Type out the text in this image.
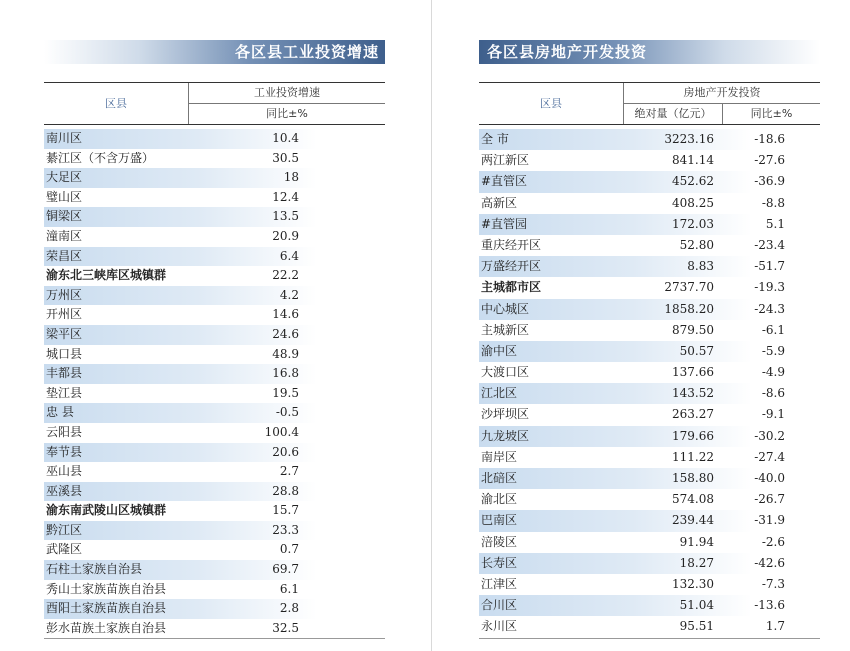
各区县工业投资增速
区县
工业投资增速
同比±%
南川区	10.4
綦江区（不含万盛）	30.5
大足区	18
璧山区	12.4
铜梁区	13.5
潼南区	20.9
荣昌区	6.4
渝东北三峡库区城镇群	22.2
万州区	4.2
开州区	14.6
梁平区	24.6
城口县	48.9
丰都县	16.8
垫江县	19.5
忠 县	-0.5
云阳县	100.4
奉节县	20.6
巫山县	2.7
巫溪县	28.8
渝东南武陵山区城镇群	15.7
黔江区	23.3
武隆区	0.7
石柱土家族自治县	69.7
秀山土家族苗族自治县	6.1
酉阳土家族苗族自治县	2.8
彭水苗族土家族自治县	32.5
各区县房地产开发投资
区县
房地产开发投资
绝对量（亿元）	同比±%
全 市	3223.16	-18.6
两江新区	841.14	-27.6
#直管区	452.62	-36.9
高新区	408.25	-8.8
#直管园	172.03	5.1
重庆经开区	52.80	-23.4
万盛经开区	8.83	-51.7
主城都市区	2737.70	-19.3
中心城区	1858.20	-24.3
主城新区	879.50	-6.1
渝中区	50.57	-5.9
大渡口区	137.66	-4.9
江北区	143.52	-8.6
沙坪坝区	263.27	-9.1
九龙坡区	179.66	-30.2
南岸区	111.22	-27.4
北碚区	158.80	-40.0
渝北区	574.08	-26.7
巴南区	239.44	-31.9
涪陵区	91.94	-2.6
长寿区	18.27	-42.6
江津区	132.30	-7.3
合川区	51.04	-13.6
永川区	95.51	1.7
